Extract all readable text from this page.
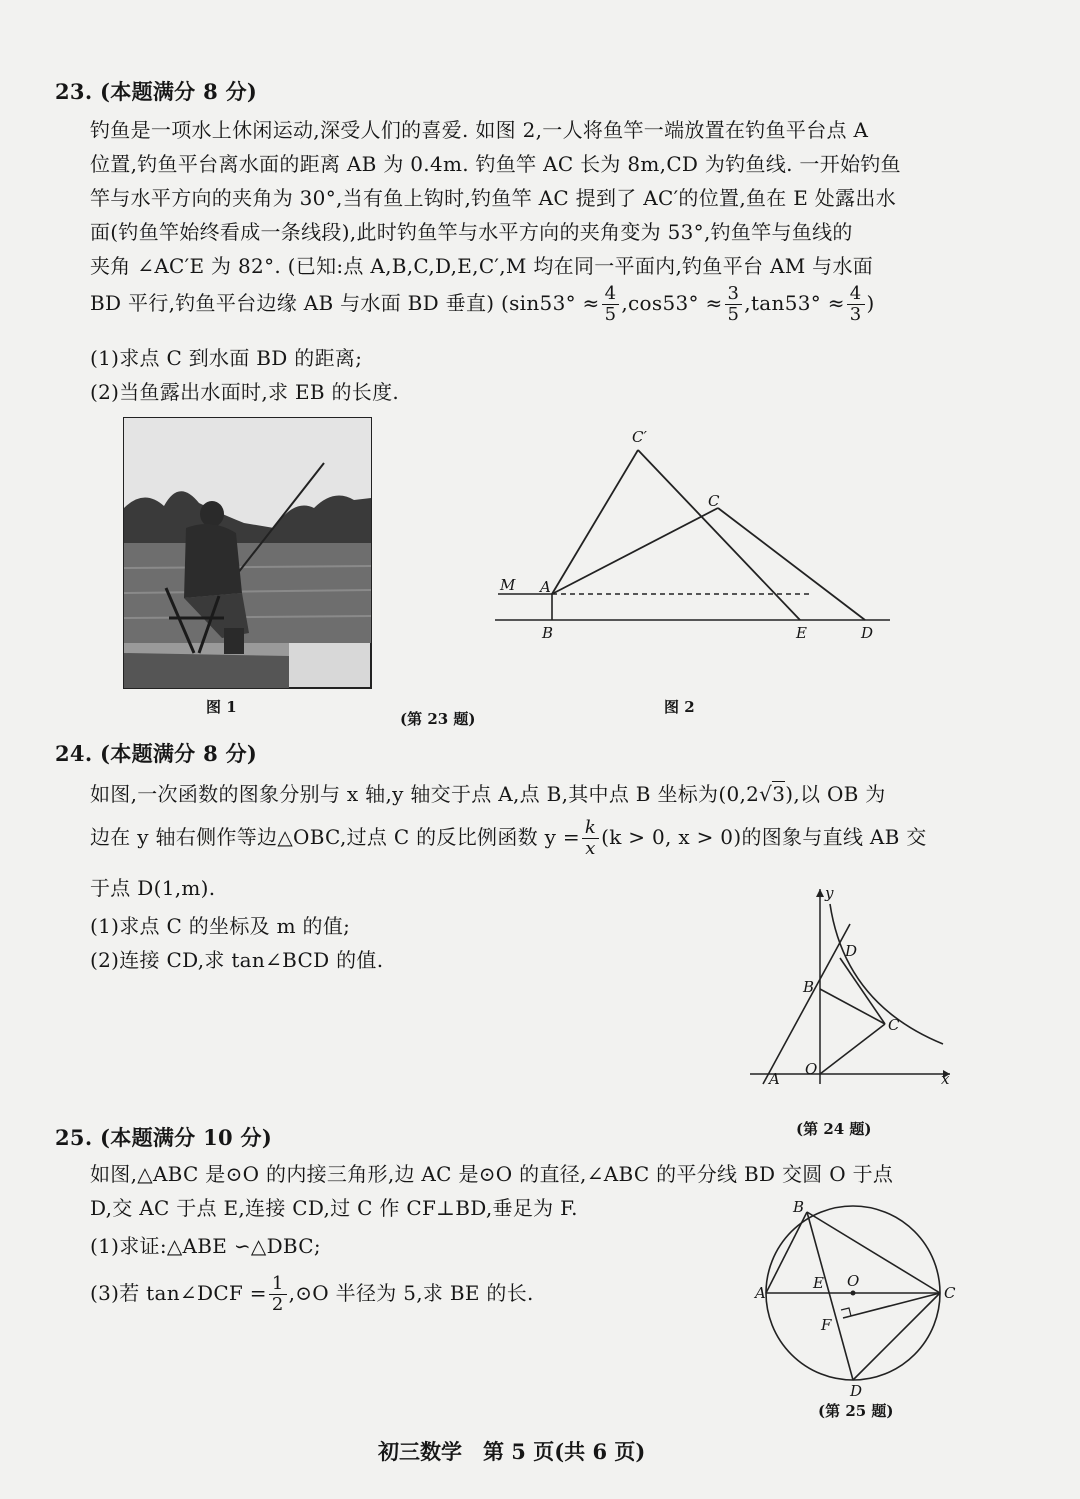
23. (本题满分 8 分)
钓鱼是一项水上休闲运动,深受人们的喜爱. 如图 2,一人将鱼竿一端放置在钓鱼平台点 A
位置,钓鱼平台离水面的距离 AB 为 0.4m. 钓鱼竿 AC 长为 8m,CD 为钓鱼线. 一开始钓鱼
竿与水平方向的夹角为 30°,当有鱼上钩时,钓鱼竿 AC 提到了 AC′的位置,鱼在 E 处露出水
面(钓鱼竿始终看成一条线段),此时钓鱼竿与水平方向的夹角变为 53°,钓鱼竿与鱼线的
夹角 ∠AC′E 为 82°. (已知:点 A,B,C,D,E,C′,M 均在同一平面内,钓鱼平台 AM 与水面
BD 平行,钓鱼平台边缘 AB 与水面 BD 垂直) ($\sin 53^\circ \approx \frac{4}{5} ,\cos 53^\circ \approx \frac{3}{5} ,\tan 53^\circ \approx \frac{4}{3}$ )
(1)求点 C 到水面 BD 的距离;
(2)当鱼露出水面时,求 EB 的长度.
图 1
C′
C
M A
B	E	D
(第 23 题)
图 2
24. (本题满分 8 分)
如图,一次函数的图象分别与 x 轴,y 轴交于点 A,点 B,其中点 B 坐标为(0,2√3),以 OB 为
边在 y 轴右侧作等边△OBC,过点 C 的反比例函数 $y = \frac{k}{x} (k > 0$, x > 0)的图象与直线 AB 交
于点 D(1,m).
(1)求点 C 的坐标及 m 的值;
(2)连接 CD,求 tan∠BCD 的值.
y
x
D
B
C
A
O
(第 24 题)
25. (本题满分 10 分)
如图,△ABC 是⊙O 的内接三角形,边 AC 是⊙O 的直径,∠ABC 的平分线 BD 交圆 O 于点
D,交 AC 于点 E,连接 CD,过 C 作 CF⊥BD,垂足为 F.
(1)求证:△ABE ∽△DBC;
(3)若 tan∠DCF = $\frac{1}{2}$ ,⊙O 半径为 5,求 BE 的长.
B
A
E O
C
F
D
(第 25 题)
初三数学　第 5 页(共 6 页)
